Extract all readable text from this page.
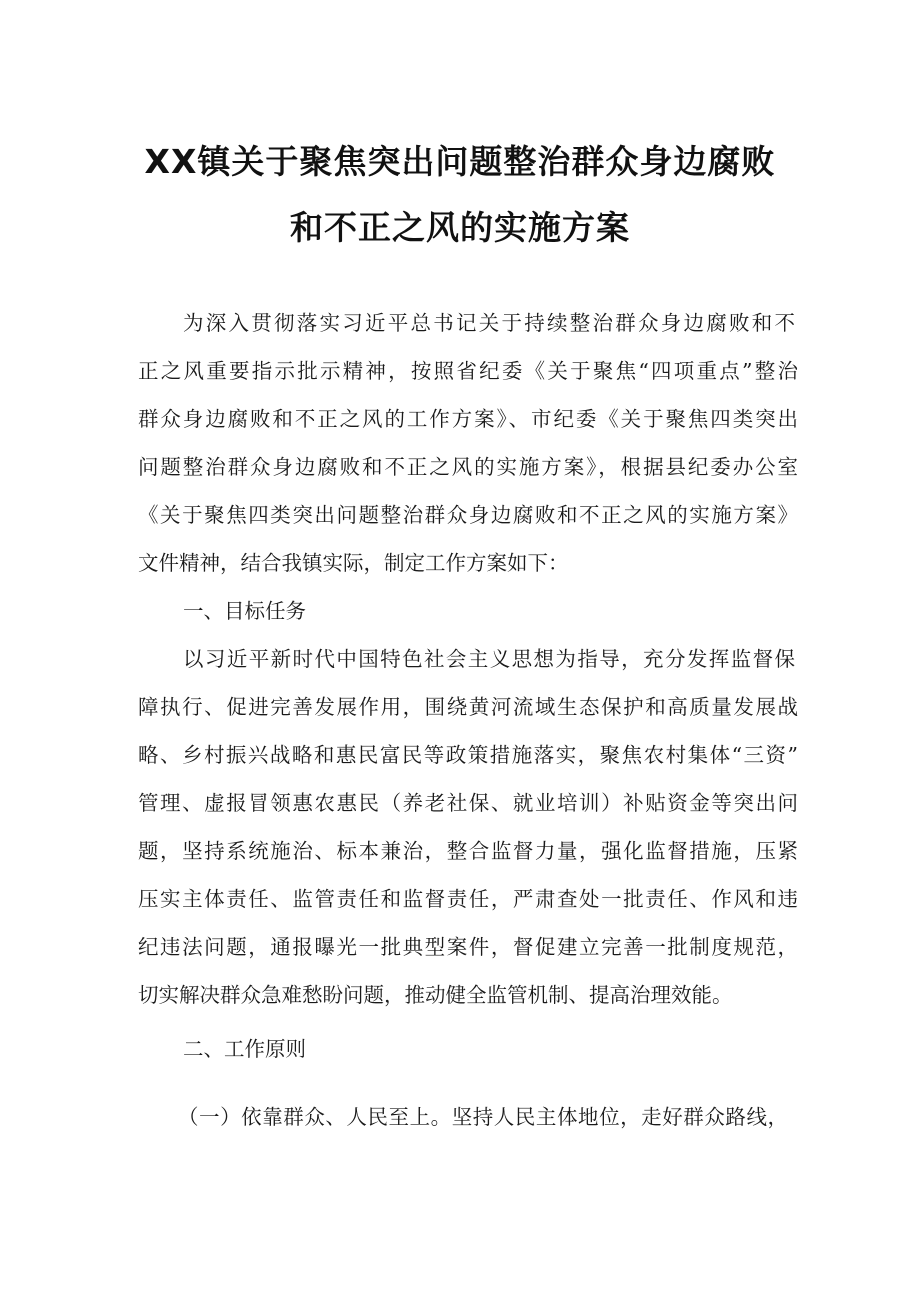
XX镇关于聚焦突出问题整治群众身边腐败
和不正之风的实施方案
为深入贯彻落实习近平总书记关于持续整治群众身边腐败和不
正之风重要指示批示精神，按照省纪委《关于聚焦“四项重点”整治
群众身边腐败和不正之风的工作方案》、市纪委《关于聚焦四类突出
问题整治群众身边腐败和不正之风的实施方案》，根据县纪委办公室
《关于聚焦四类突出问题整治群众身边腐败和不正之风的实施方案》
文件精神，结合我镇实际，制定工作方案如下：
一、目标任务
以习近平新时代中国特色社会主义思想为指导，充分发挥监督保
障执行、促进完善发展作用，围绕黄河流域生态保护和高质量发展战
略、乡村振兴战略和惠民富民等政策措施落实，聚焦农村集体“三资”
管理、虚报冒领惠农惠民（养老社保、就业培训）补贴资金等突出问
题，坚持系统施治、标本兼治，整合监督力量，强化监督措施，压紧
压实主体责任、监管责任和监督责任，严肃查处一批责任、作风和违
纪违法问题，通报曝光一批典型案件，督促建立完善一批制度规范，
切实解决群众急难愁盼问题，推动健全监管机制、提高治理效能。
二、工作原则
（一）依靠群众、人民至上。坚持人民主体地位，走好群众路线，
